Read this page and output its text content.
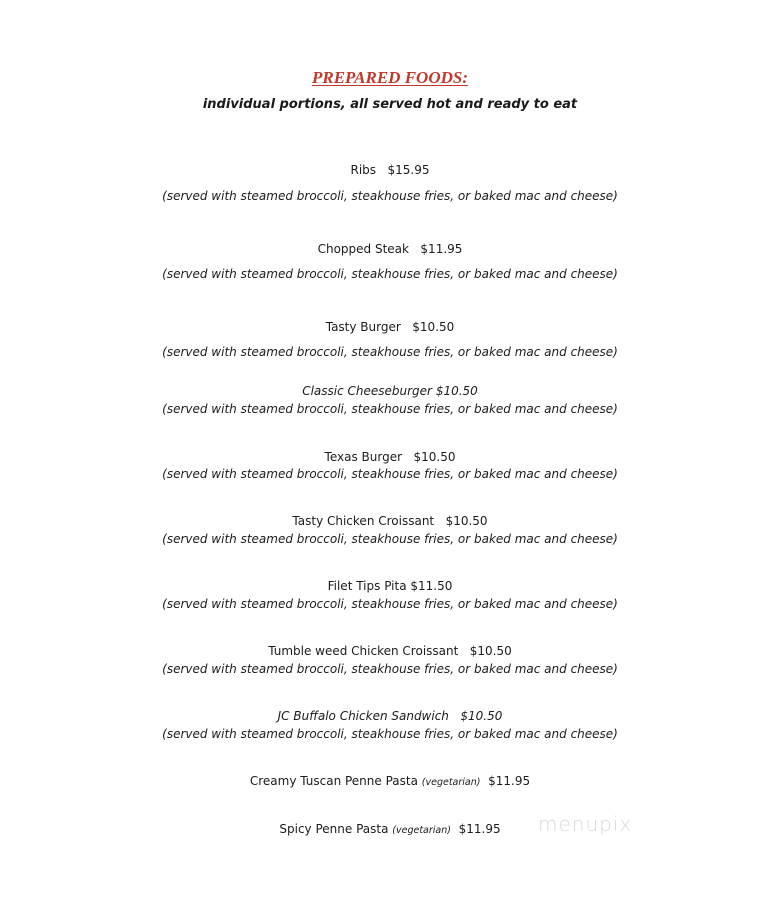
PREPARED FOODS:
individual portions, all served hot and ready to eat
Ribs $15.95
(served with steamed broccoli, steakhouse fries, or baked mac and cheese)
Chopped Steak $11.95
(served with steamed broccoli, steakhouse fries, or baked mac and cheese)
Tasty Burger $10.50
(served with steamed broccoli, steakhouse fries, or baked mac and cheese)
Classic Cheeseburger $10.50
(served with steamed broccoli, steakhouse fries, or baked mac and cheese)
Texas Burger $10.50
(served with steamed broccoli, steakhouse fries, or baked mac and cheese)
Tasty Chicken Croissant $10.50
(served with steamed broccoli, steakhouse fries, or baked mac and cheese)
Filet Tips Pita $11.50
(served with steamed broccoli, steakhouse fries, or baked mac and cheese)
Tumble weed Chicken Croissant $10.50
(served with steamed broccoli, steakhouse fries, or baked mac and cheese)
JC Buffalo Chicken Sandwich $10.50
(served with steamed broccoli, steakhouse fries, or baked mac and cheese)
Creamy Tuscan Penne Pasta (vegetarian) $11.95
Spicy Penne Pasta (vegetarian) $11.95	menupix
